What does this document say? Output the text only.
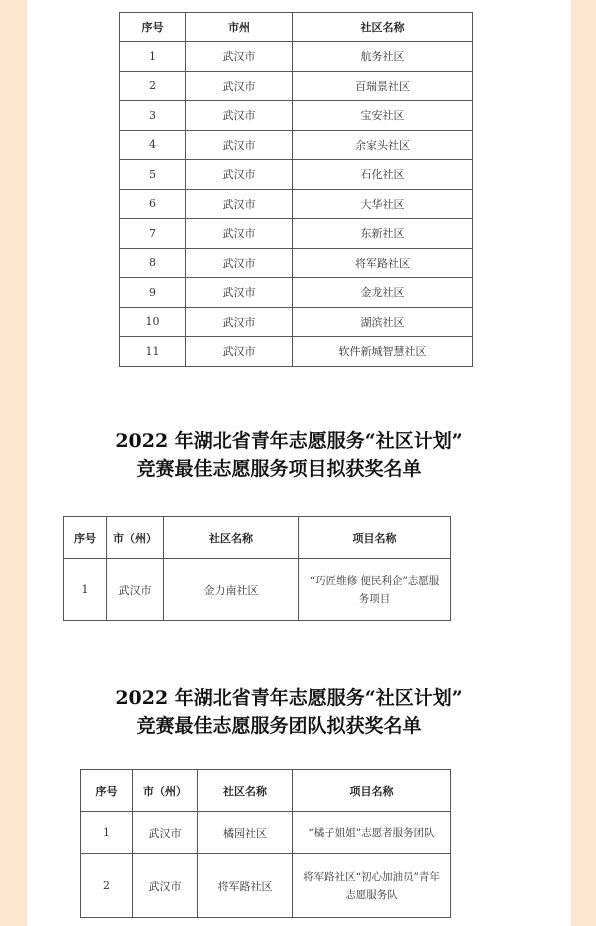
序号	市州	社区名称
1	武汉市	航务社区
2	武汉市	百瑞景社区
3	武汉市	宝安社区
4	武汉市	余家头社区
5	武汉市	石化社区
6	武汉市	大华社区
7	武汉市	东新社区
8	武汉市	将军路社区
9	武汉市	金龙社区
10	武汉市	湖滨社区
11	武汉市	软件新城智慧社区
2022 年湖北省青年志愿服务“社区计划”
竞赛最佳志愿服务项目拟获奖名单
序号	市（州）	社区名称	项目名称
1	武汉市	金力南社区	“巧匠维修 便民利企”志愿服务项目
2022 年湖北省青年志愿服务“社区计划”
竞赛最佳志愿服务团队拟获奖名单
序号	市（州）	社区名称	项目名称
1	武汉市	橘园社区	“橘子姐姐”志愿者服务团队
2	武汉市	将军路社区	将军路社区“初心加油员”青年志愿服务队
